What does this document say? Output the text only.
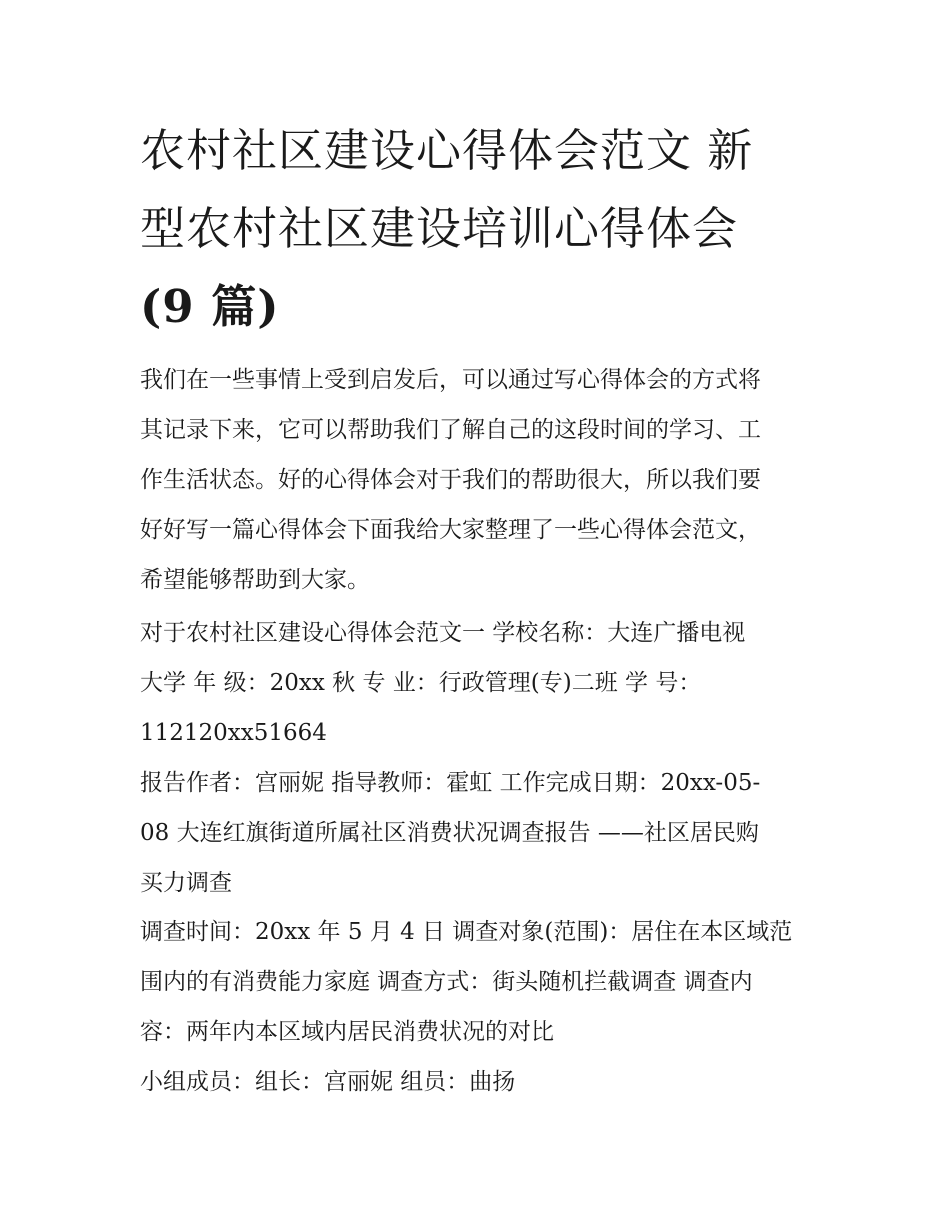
农村社区建设心得体会范文 新
型农村社区建设培训心得体会
(9 篇)

我们在一些事情上受到启发后，可以通过写心得体会的方式将
其记录下来，它可以帮助我们了解自己的这段时间的学习、工
作生活状态。好的心得体会对于我们的帮助很大，所以我们要
好好写一篇心得体会下面我给大家整理了一些心得体会范文，
希望能够帮助到大家。

对于农村社区建设心得体会范文一 学校名称：大连广播电视
大学 年 级：20xx 秋 专 业：行政管理(专)二班 学 号：
112120xx51664

报告作者：宫丽妮 指导教师：霍虹 工作完成日期：20xx-05-
08 大连红旗街道所属社区消费状况调查报告 ——社区居民购
买力调查

调查时间：20xx 年 5 月 4 日 调查对象(范围)：居住在本区域范
围内的有消费能力家庭 调查方式：街头随机拦截调查 调查内
容：两年内本区域内居民消费状况的对比

小组成员：组长：宫丽妮 组员：曲扬
